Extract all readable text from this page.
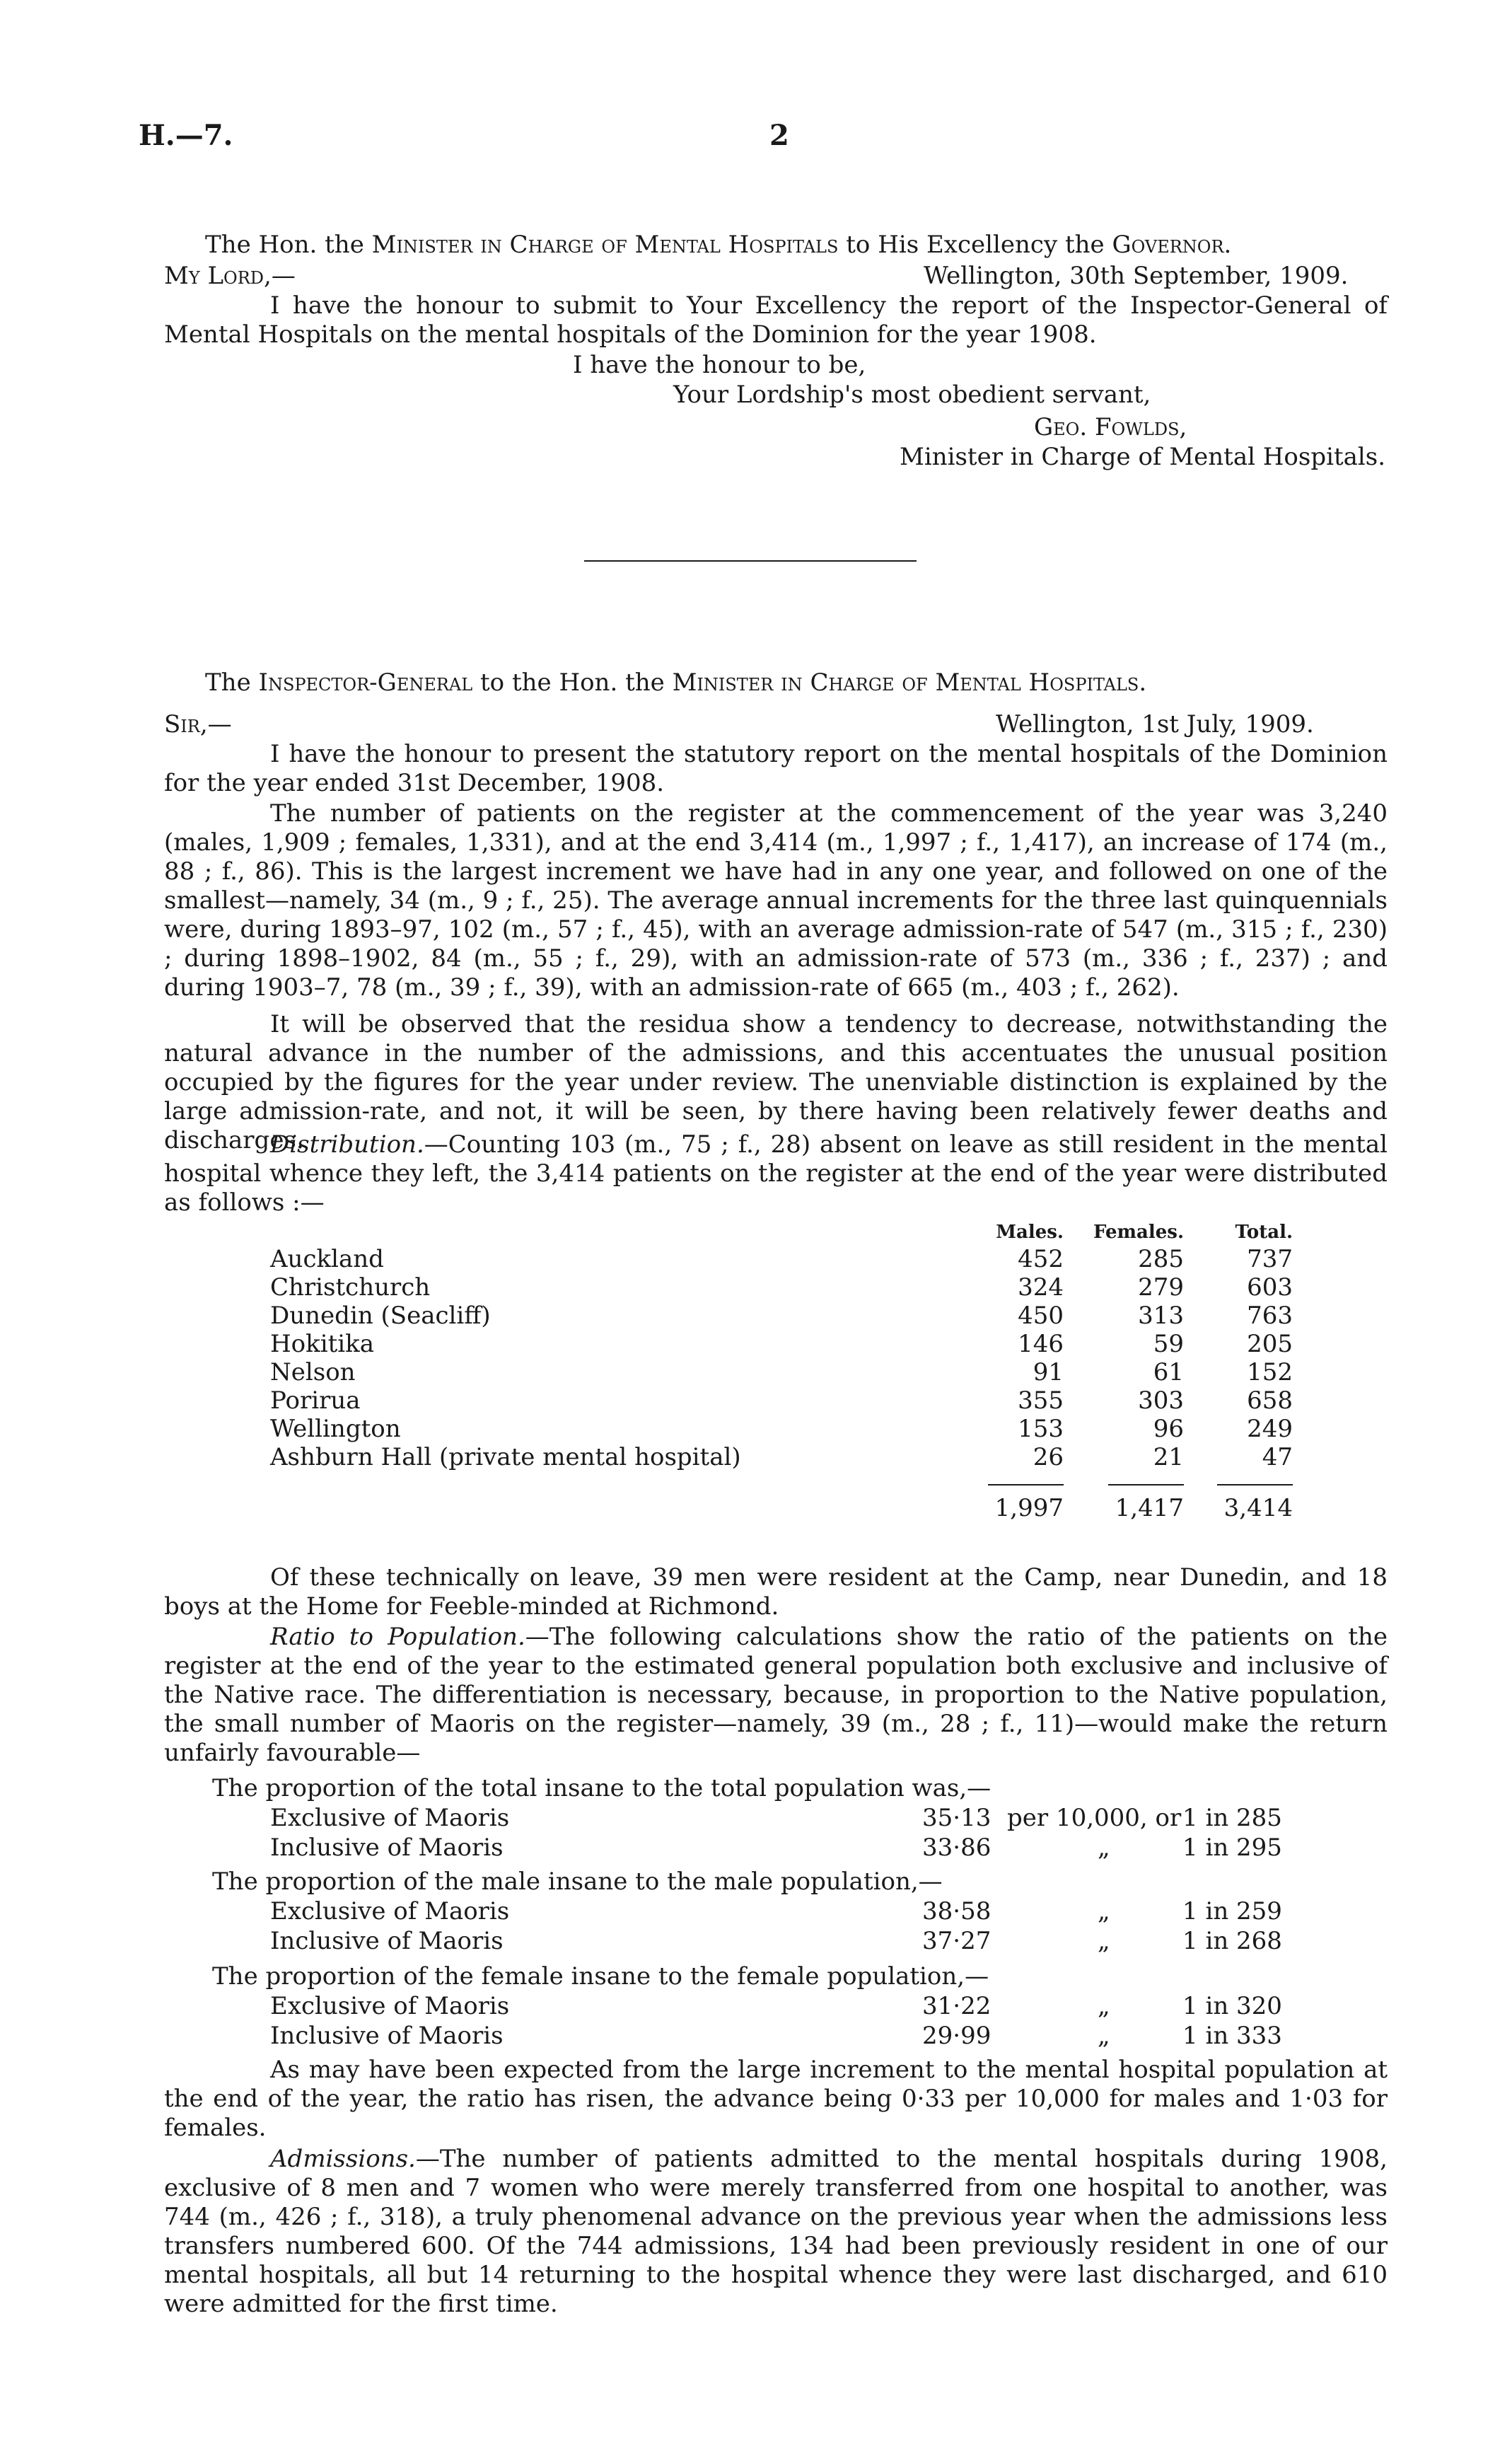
H.—7.	2
The Hon. the Minister in Charge of Mental Hospitals to His Excellency the Governor.
My Lord,—	Wellington, 30th September, 1909.
I have the honour to submit to Your Excellency the report of the Inspector-General of Mental Hospitals on the mental hospitals of the Dominion for the year 1908.
I have the honour to be,
Your Lordship's most obedient servant,
Geo. Fowlds,
Minister in Charge of Mental Hospitals.
The Inspector-General to the Hon. the Minister in Charge of Mental Hospitals.
Sir,—	Wellington, 1st July, 1909.
I have the honour to present the statutory report on the mental hospitals of the Dominion for the year ended 31st December, 1908.
The number of patients on the register at the commencement of the year was 3,240 (males, 1,909 ; females, 1,331), and at the end 3,414 (m., 1,997 ; f., 1,417), an increase of 174 (m., 88 ; f., 86). This is the largest increment we have had in any one year, and followed on one of the smallest—namely, 34 (m., 9 ; f., 25). The average annual increments for the three last quinquennials were, during 1893–97, 102 (m., 57 ; f., 45), with an average admission-rate of 547 (m., 315 ; f., 230) ; during 1898–1902, 84 (m., 55 ; f., 29), with an admission-rate of 573 (m., 336 ; f., 237) ; and during 1903–7, 78 (m., 39 ; f., 39), with an admission-rate of 665 (m., 403 ; f., 262).
It will be observed that the residua show a tendency to decrease, notwithstanding the natural advance in the number of the admissions, and this accentuates the unusual position occupied by the figures for the year under review. The unenviable distinction is explained by the large admission-rate, and not, it will be seen, by there having been relatively fewer deaths and discharges.
Distribution.—Counting 103 (m., 75 ; f., 28) absent on leave as still resident in the mental hospital whence they left, the 3,414 patients on the register at the end of the year were distributed as follows :—
	Males.	Females.	Total.
Auckland	452	285	737
Christchurch	324	279	603
Dunedin (Seacliff)	450	313	763
Hokitika	146	59	205
Nelson	91	61	152
Porirua	355	303	658
Wellington	153	96	249
Ashburn Hall (private mental hospital)	26	21	47
	1,997	1,417	3,414
Of these technically on leave, 39 men were resident at the Camp, near Dunedin, and 18 boys at the Home for Feeble-minded at Richmond.
Ratio to Population.—The following calculations show the ratio of the patients on the register at the end of the year to the estimated general population both exclusive and inclusive of the Native race. The differentiation is necessary, because, in proportion to the Native population, the small number of Maoris on the register—namely, 39 (m., 28 ; f., 11)—would make the return unfairly favourable—
The proportion of the total insane to the total population was,—
Exclusive of Maoris	35·13 per 10,000, or 1 in 285
Inclusive of Maoris	33·86	„	1 in 295
The proportion of the male insane to the male population,—
Exclusive of Maoris	38·58	„	1 in 259
Inclusive of Maoris	37·27	„	1 in 268
The proportion of the female insane to the female population,—
Exclusive of Maoris	31·22	„	1 in 320
Inclusive of Maoris	29·99	„	1 in 333
As may have been expected from the large increment to the mental hospital population at the end of the year, the ratio has risen, the advance being 0·33 per 10,000 for males and 1·03 for females.
Admissions.—The number of patients admitted to the mental hospitals during 1908, exclusive of 8 men and 7 women who were merely transferred from one hospital to another, was 744 (m., 426 ; f., 318), a truly phenomenal advance on the previous year when the admissions less transfers numbered 600. Of the 744 admissions, 134 had been previously resident in one of our mental hospitals, all but 14 returning to the hospital whence they were last discharged, and 610 were admitted for the first time.
